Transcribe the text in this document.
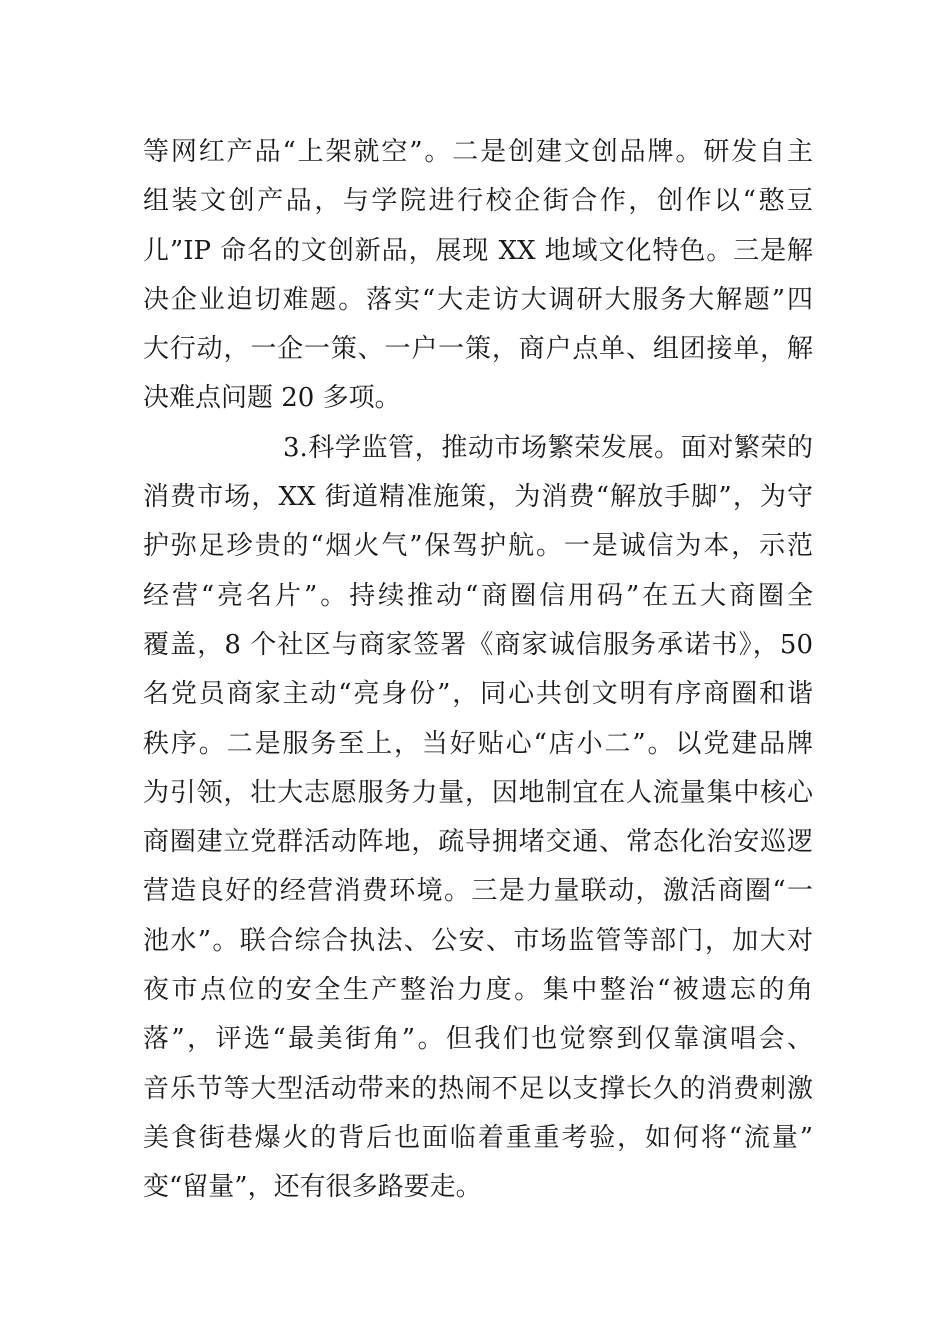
等网红产品“上架就空”。二是创建文创品牌。研发自主
组装文创产品，与学院进行校企街合作，创作以“憨豆
儿”IP 命名的文创新品，展现 XX 地域文化特色。三是解
决企业迫切难题。落实“大走访大调研大服务大解题”四
大行动，一企一策、一户一策，商户点单、组团接单，解
决难点问题 20 多项。
3.科学监管，推动市场繁荣发展。面对繁荣的
消费市场，XX 街道精准施策，为消费“解放手脚”，为守
护弥足珍贵的“烟火气”保驾护航。一是诚信为本，示范
经营“亮名片”。持续推动“商圈信用码”在五大商圈全
覆盖，8 个社区与商家签署《商家诚信服务承诺书》，50
名党员商家主动“亮身份”，同心共创文明有序商圈和谐
秩序。二是服务至上，当好贴心“店小二”。以党建品牌
为引领，壮大志愿服务力量，因地制宜在人流量集中核心
商圈建立党群活动阵地，疏导拥堵交通、常态化治安巡逻
营造良好的经营消费环境。三是力量联动，激活商圈“一
池水”。联合综合执法、公安、市场监管等部门，加大对
夜市点位的安全生产整治力度。集中整治“被遗忘的角
落”，评选“最美街角”。但我们也觉察到仅靠演唱会、
音乐节等大型活动带来的热闹不足以支撑长久的消费刺激
美食街巷爆火的背后也面临着重重考验，如何将“流量”
变“留量”，还有很多路要走。
